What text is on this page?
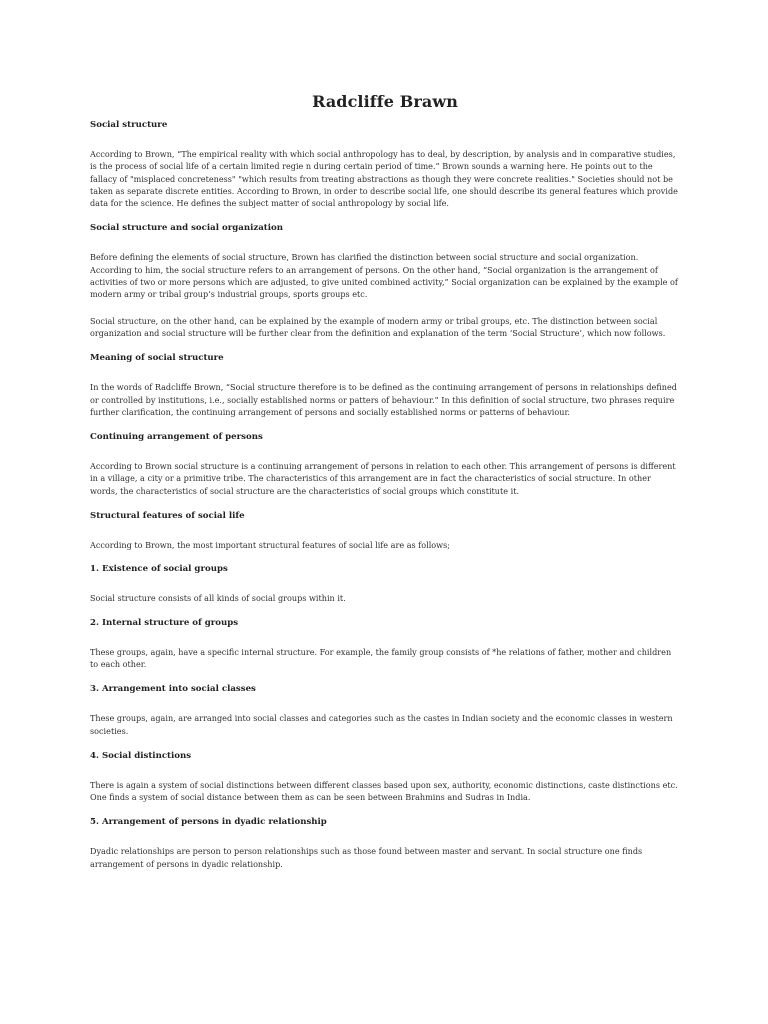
Radcliffe Brawn
Social structure
According to Brown, “The empirical reality with which social anthropology has to deal, by description, by analysis and in comparative studies, is the process of social life of a certain limited regie n during certain period of time.” Brown sounds a warning here. He points out to the fallacy of "misplaced concreteness" "which results from treating abstractions as though they were concrete realities." Societies should not be taken as separate discrete entities. According to Brown, in order to describe social life, one should describe its general features which provide data for the science. He defines the subject matter of social anthropology by social life.
Social structure and social organization
Before defining the elements of social structure, Brown has clarified the distinction between social structure and social organization. According to him, the social structure refers to an arrangement of persons. On the other hand, “Social organization is the arrangement of activities of two or more persons which are adjusted, to give united combined activity,” Social organization can be explained by the example of modern army or tribal group’s industrial groups, sports groups etc.
Social structure, on the other hand, can be explained by the example of modern army or tribal groups, etc. The distinction between social organization and social structure will be further clear from the definition and explanation of the term ‘Social Structure’, which now follows.
Meaning of social structure
In the words of Radcliffe Brown, “Social structure therefore is to be defined as the continuing arrangement of persons in relationships defined or controlled by institutions, i.e., socially established norms or patters of behaviour.” In this definition of social structure, two phrases require further clarification, the continuing arrangement of persons and socially established norms or patterns of behaviour.
Continuing arrangement of persons
According to Brown social structure is a continuing arrangement of persons in relation to each other. This arrangement of persons is different in a village, a city or a primitive tribe. The characteristics of this arrangement are in fact the characteristics of social structure. In other words, the characteristics of social structure are the characteristics of social groups which constitute it.
Structural features of social life
According to Brown, the most important structural features of social life are as follows;
1. Existence of social groups
Social structure consists of all kinds of social groups within it.
2. Internal structure of groups
These groups, again, have a specific internal structure. For example, the family group consists of *he relations of father, mother and children to each other.
3. Arrangement into social classes
These groups, again, are arranged into social classes and categories such as the castes in Indian society and the economic classes in western societies.
4. Social distinctions
There is again a system of social distinctions between different classes based upon sex, authority, economic distinctions, caste distinctions etc. One finds a system of social distance between them as can be seen between Brahmins and Sudras in India.
5. Arrangement of persons in dyadic relationship
Dyadic relationships are person to person relationships such as those found between master and servant. In social structure one finds arrangement of persons in dyadic relationship.
